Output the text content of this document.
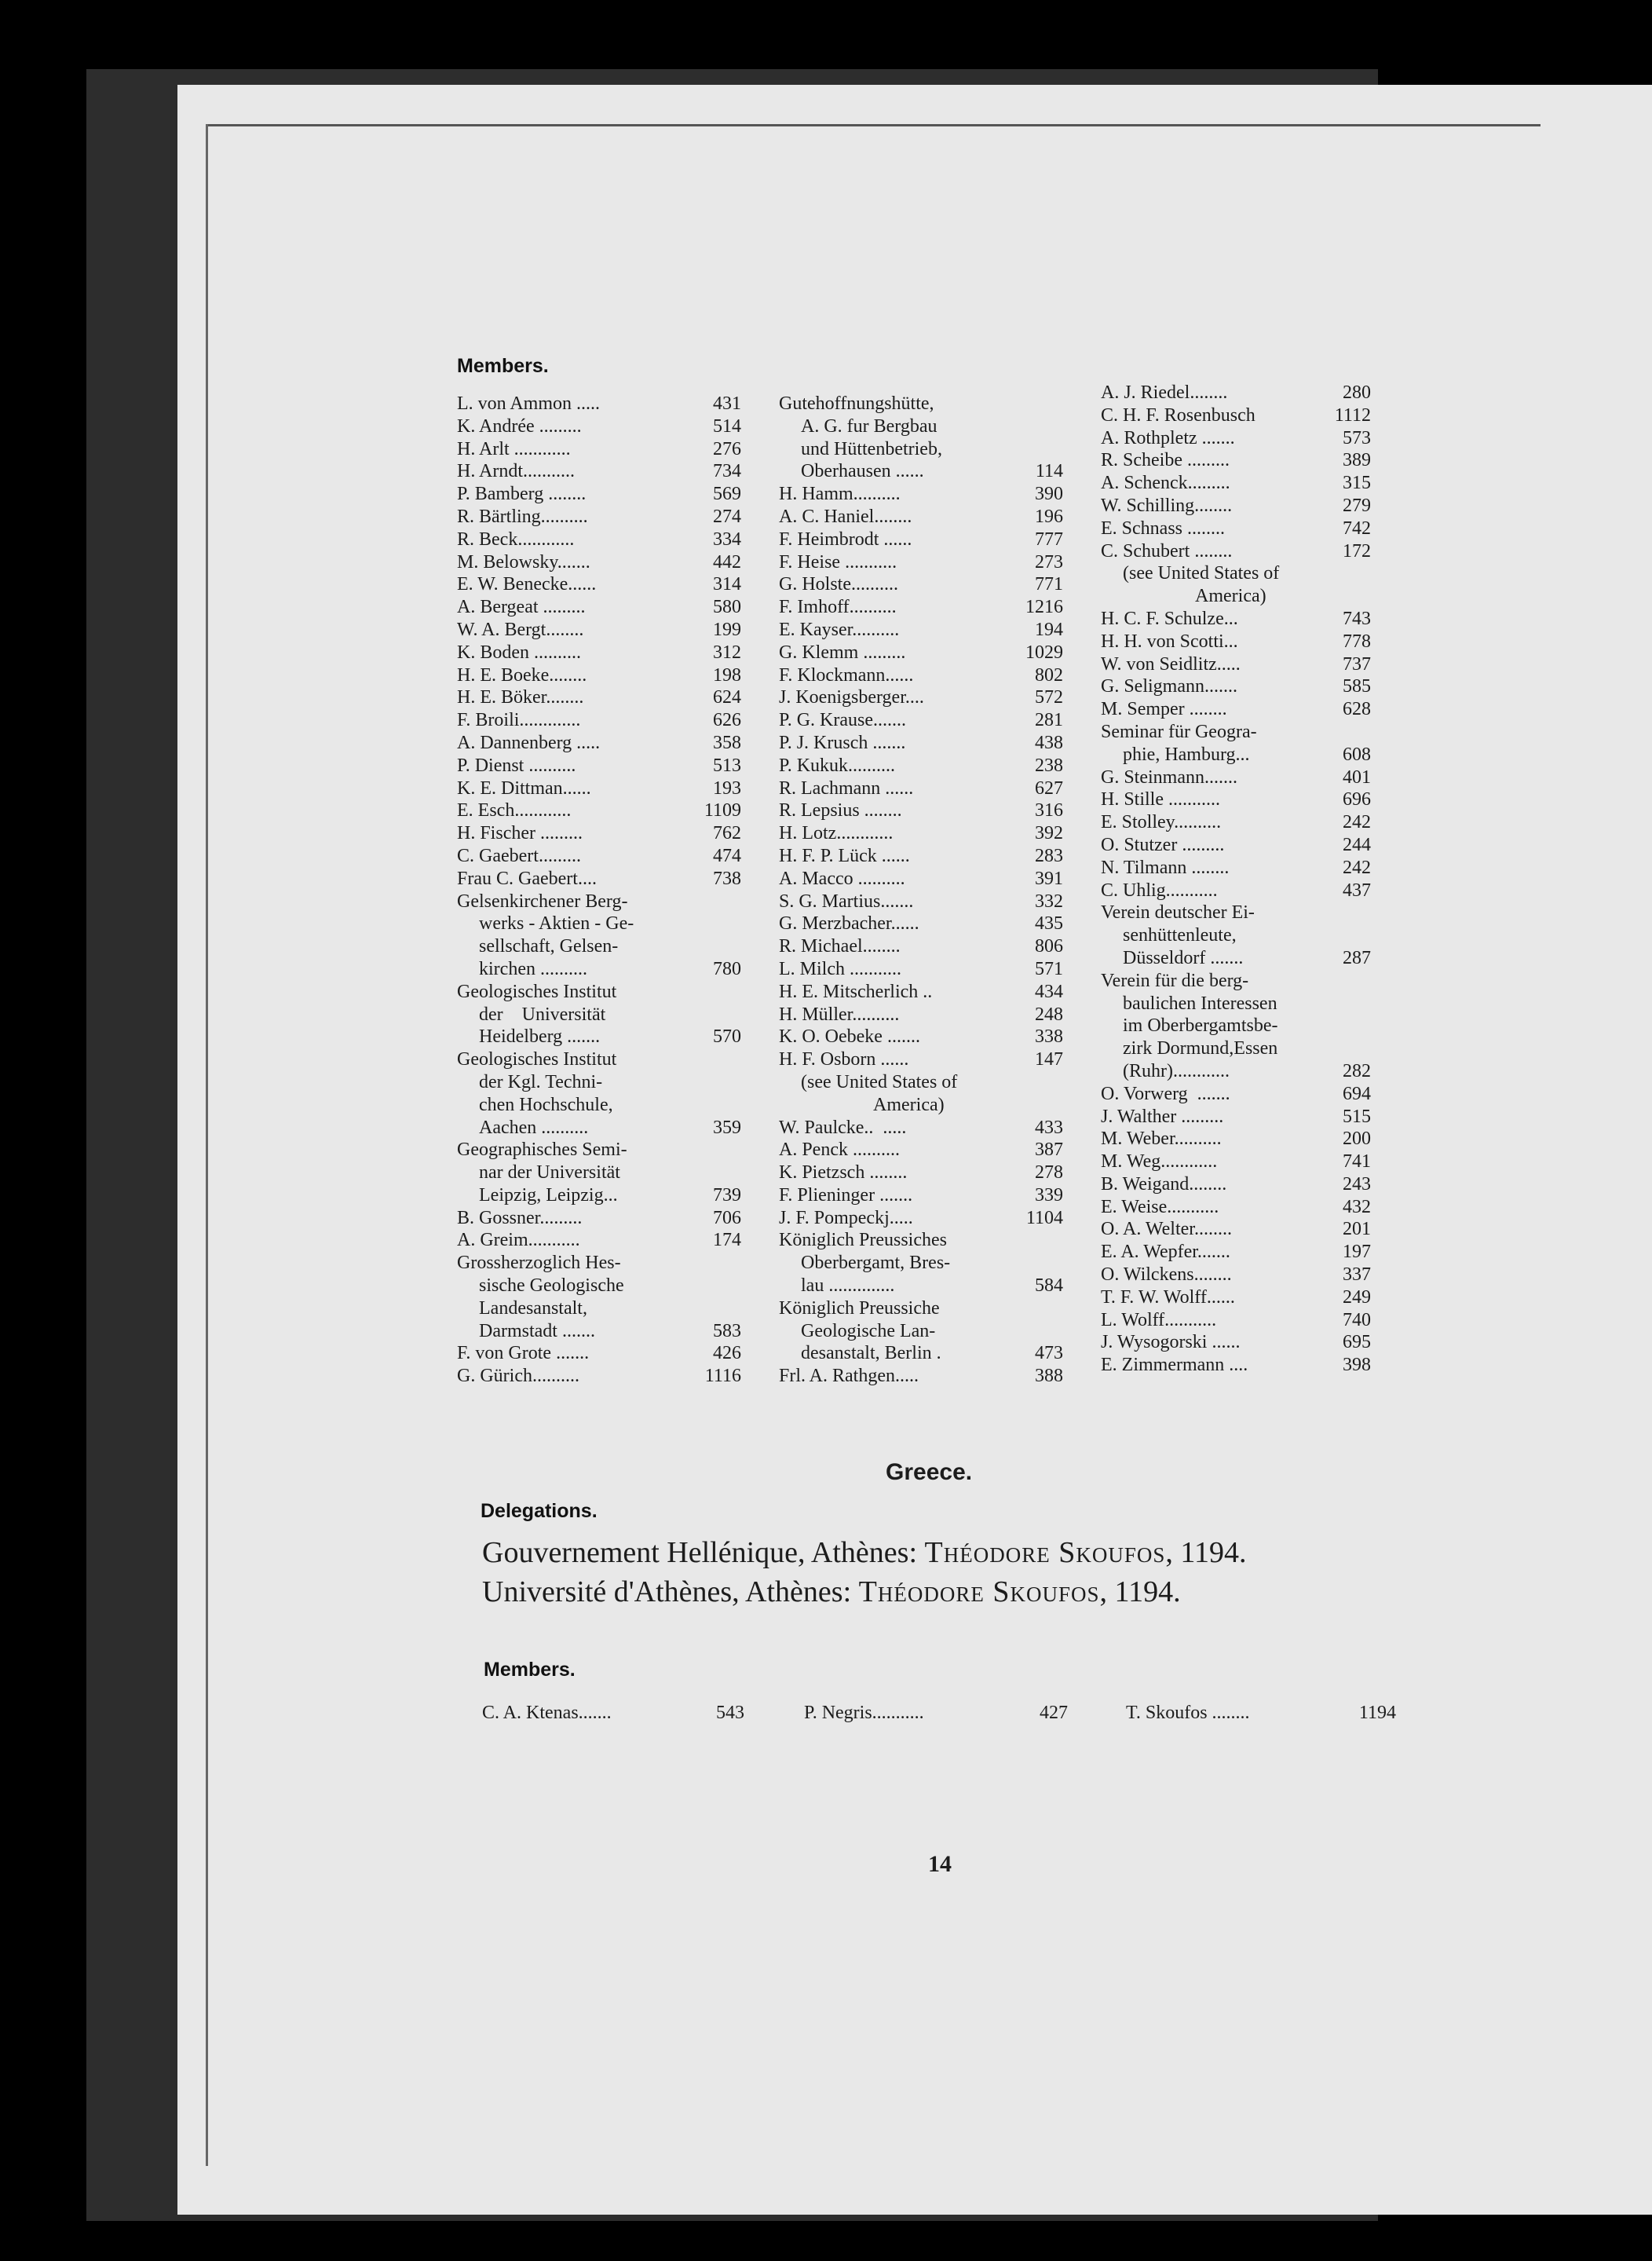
Members.
L. von Ammon .....	431
K. Andrée .........	514
H. Arlt ............	276
H. Arndt...........	734
P. Bamberg ........	569
R. Bärtling..........	274
R. Beck............	334
M. Belowsky.......	442
E. W. Benecke......	314
A. Bergeat .........	580
W. A. Bergt........	199
K. Boden ..........	312
H. E. Boeke........	198
H. E. Böker........	624
F. Broili.............	626
A. Dannenberg .....	358
P. Dienst ..........	513
K. E. Dittman......	193
E. Esch............	1109
H. Fischer .........	762
C. Gaebert.........	474
Frau C. Gaebert....	738
Gelsenkirchener Berg-
werks - Aktien - Ge-
sellschaft, Gelsen-
kirchen ..........	780
Geologisches Institut
der    Universität
Heidelberg .......	570
Geologisches Institut
der Kgl. Techni-
chen Hochschule,
Aachen ..........	359
Geographisches Semi-
nar der Universität
Leipzig, Leipzig...	739
B. Gossner.........	706
A. Greim...........	174
Grossherzoglich Hes-
sische Geologische
Landesanstalt,
Darmstadt .......	583
F. von Grote .......	426
G. Gürich..........	1116
Gutehoffnungshütte,
A. G. fur Bergbau
und Hüttenbetrieb,
Oberhausen ......	114
H. Hamm..........	390
A. C. Haniel........	196
F. Heimbrodt ......	777
F. Heise ...........	273
G. Holste..........	771
F. Imhoff..........	1216
E. Kayser..........	194
G. Klemm .........	1029
F. Klockmann......	802
J. Koenigsberger....	572
P. G. Krause.......	281
P. J. Krusch .......	438
P. Kukuk..........	238
R. Lachmann ......	627
R. Lepsius ........	316
H. Lotz............	392
H. F. P. Lück ......	283
A. Macco ..........	391
S. G. Martius.......	332
G. Merzbacher......	435
R. Michael........	806
L. Milch ...........	571
H. E. Mitscherlich ..	434
H. Müller..........	248
K. O. Oebeke .......	338
H. F. Osborn ......	147
(see United States of
America)
W. Paulcke..  .....	433
A. Penck ..........	387
K. Pietzsch ........	278
F. Plieninger .......	339
J. F. Pompeckj.....	1104
Königlich Preussiches
Oberbergamt, Bres-
lau ..............	584
Königlich Preussiche
Geologische Lan-
desanstalt, Berlin .	473
Frl. A. Rathgen.....	388
A. J. Riedel........	280
C. H. F. Rosenbusch	1112
A. Rothpletz .......	573
R. Scheibe .........	389
A. Schenck.........	315
W. Schilling........	279
E. Schnass ........	742
C. Schubert ........	172
(see United States of
America)
H. C. F. Schulze...	743
H. H. von Scotti...	778
W. von Seidlitz.....	737
G. Seligmann.......	585
M. Semper ........	628
Seminar für Geogra-
phie, Hamburg...	608
G. Steinmann.......	401
H. Stille ...........	696
E. Stolley..........	242
O. Stutzer .........	244
N. Tilmann ........	242
C. Uhlig...........	437
Verein deutscher Ei-
senhüttenleute,
Düsseldorf .......	287
Verein für die berg-
baulichen Interessen
im Oberbergamtsbe-
zirk Dormund,Essen
(Ruhr)............	282
O. Vorwerg  .......	694
J. Walther .........	515
M. Weber..........	200
M. Weg............	741
B. Weigand........	243
E. Weise...........	432
O. A. Welter........	201
E. A. Wepfer.......	197
O. Wilckens........	337
T. F. W. Wolff......	249
L. Wolff...........	740
J. Wysogorski ......	695
E. Zimmermann ....	398
Greece.
Delegations.
Gouvernement Hellénique, Athènes: Théodore Skoufos, 1194.
Université d'Athènes, Athènes: Théodore Skoufos, 1194.
Members.
C. A. Ktenas.......	543	P. Negris...........	427	T. Skoufos ........	1194
14
